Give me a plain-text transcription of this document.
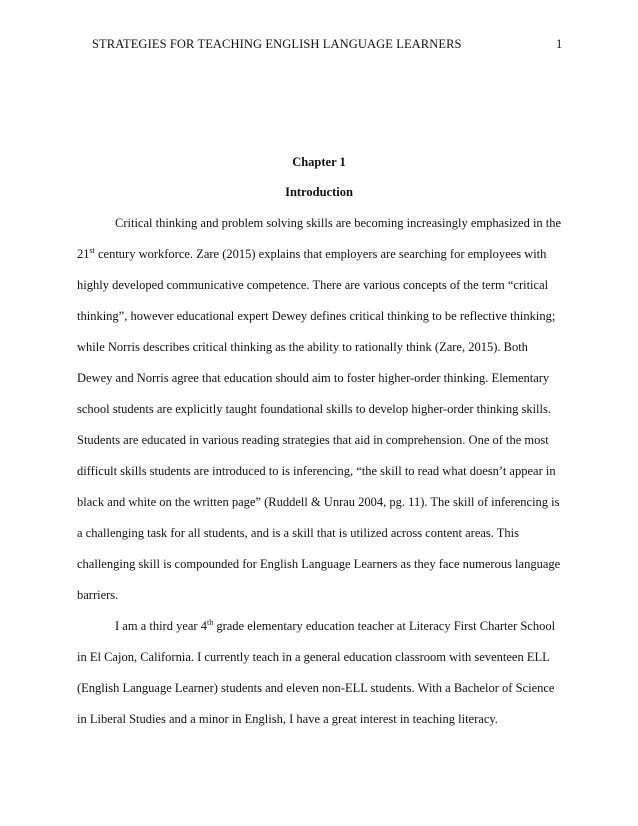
STRATEGIES FOR TEACHING ENGLISH LANGUAGE LEARNERS	1
Chapter 1
Introduction
Critical thinking and problem solving skills are becoming increasingly emphasized in the
21st century workforce. Zare (2015) explains that employers are searching for employees with
highly developed communicative competence. There are various concepts of the term “critical
thinking”, however educational expert Dewey defines critical thinking to be reflective thinking;
while Norris describes critical thinking as the ability to rationally think (Zare, 2015). Both
Dewey and Norris agree that education should aim to foster higher-order thinking. Elementary
school students are explicitly taught foundational skills to develop higher-order thinking skills.
Students are educated in various reading strategies that aid in comprehension. One of the most
difficult skills students are introduced to is inferencing, “the skill to read what doesn’t appear in
black and white on the written page” (Ruddell & Unrau 2004, pg. 11). The skill of inferencing is
a challenging task for all students, and is a skill that is utilized across content areas. This
challenging skill is compounded for English Language Learners as they face numerous language
barriers.
I am a third year 4th grade elementary education teacher at Literacy First Charter School
in El Cajon, California. I currently teach in a general education classroom with seventeen ELL
(English Language Learner) students and eleven non-ELL students. With a Bachelor of Science
in Liberal Studies and a minor in English, I have a great interest in teaching literacy.
